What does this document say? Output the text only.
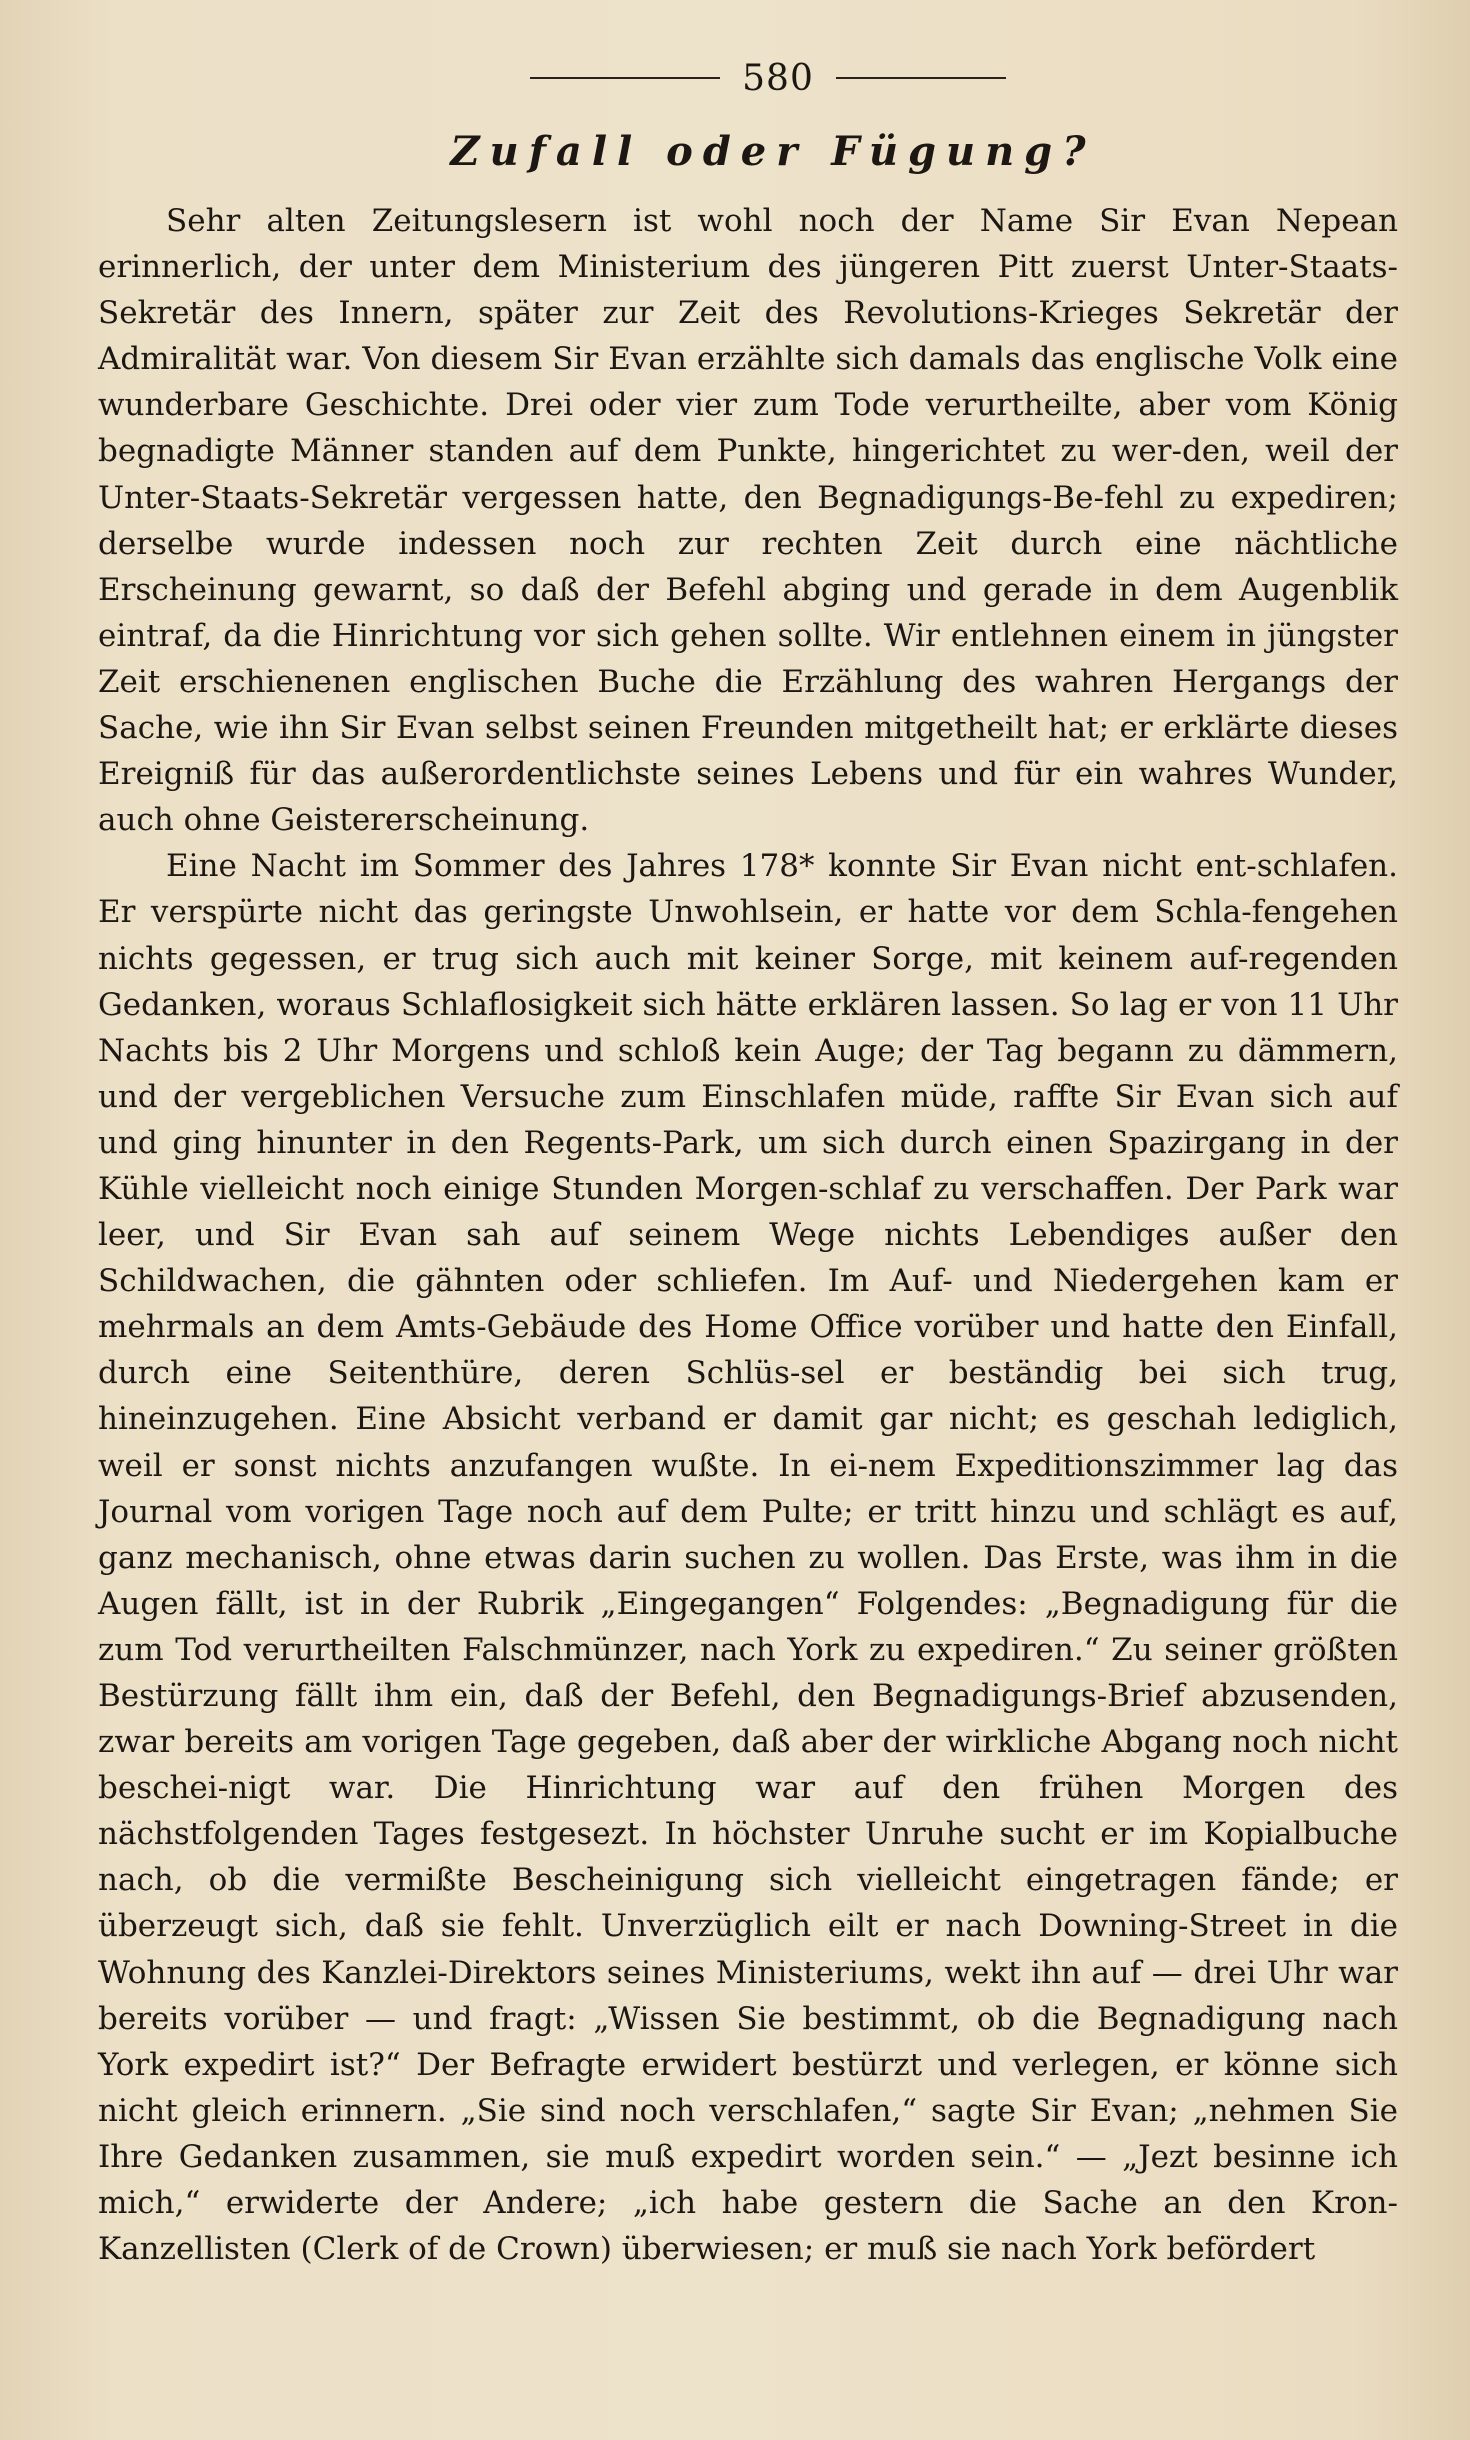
580
Zufall oder Fügung?

Sehr alten Zeitungslesern ist wohl noch der Name Sir Evan Nepean erinnerlich, der unter dem Ministerium des jüngeren Pitt zuerst Unter-Staats-Sekretär des Innern, später zur Zeit des Revolutions-Krieges Sekretär der Admiralität war. Von diesem Sir Evan erzählte sich damals das englische Volk eine wunderbare Geschichte. Drei oder vier zum Tode verurtheilte, aber vom König begnadigte Männer standen auf dem Punkte, hingerichtet zu wer-den, weil der Unter-Staats-Sekretär vergessen hatte, den Begnadigungs-Be-fehl zu expediren; derselbe wurde indessen noch zur rechten Zeit durch eine nächtliche Erscheinung gewarnt, so daß der Befehl abging und gerade in dem Augenblik eintraf, da die Hinrichtung vor sich gehen sollte. Wir entlehnen einem in jüngster Zeit erschienenen englischen Buche die Erzählung des wahren Hergangs der Sache, wie ihn Sir Evan selbst seinen Freunden mitgetheilt hat; er erklärte dieses Ereigniß für das außerordentlichste seines Lebens und für ein wahres Wunder, auch ohne Geistererscheinung.

Eine Nacht im Sommer des Jahres 178* konnte Sir Evan nicht ent-schlafen. Er verspürte nicht das geringste Unwohlsein, er hatte vor dem Schla-fengehen nichts gegessen, er trug sich auch mit keiner Sorge, mit keinem auf-regenden Gedanken, woraus Schlaflosigkeit sich hätte erklären lassen. So lag er von 11 Uhr Nachts bis 2 Uhr Morgens und schloß kein Auge; der Tag begann zu dämmern, und der vergeblichen Versuche zum Einschlafen müde, raffte Sir Evan sich auf und ging hinunter in den Regents-Park, um sich durch einen Spazirgang in der Kühle vielleicht noch einige Stunden Morgen-schlaf zu verschaffen. Der Park war leer, und Sir Evan sah auf seinem Wege nichts Lebendiges außer den Schildwachen, die gähnten oder schliefen. Im Auf- und Niedergehen kam er mehrmals an dem Amts-Gebäude des Home Office vorüber und hatte den Einfall, durch eine Seitenthüre, deren Schlüs-sel er beständig bei sich trug, hineinzugehen. Eine Absicht verband er damit gar nicht; es geschah lediglich, weil er sonst nichts anzufangen wußte. In ei-nem Expeditionszimmer lag das Journal vom vorigen Tage noch auf dem Pulte; er tritt hinzu und schlägt es auf, ganz mechanisch, ohne etwas darin suchen zu wollen. Das Erste, was ihm in die Augen fällt, ist in der Rubrik „Eingegangen“ Folgendes: „Begnadigung für die zum Tod verurtheilten Falschmünzer, nach York zu expediren.“ Zu seiner größten Bestürzung fällt ihm ein, daß der Befehl, den Begnadigungs-Brief abzusenden, zwar bereits am vorigen Tage gegeben, daß aber der wirkliche Abgang noch nicht beschei-nigt war. Die Hinrichtung war auf den frühen Morgen des nächstfolgenden Tages festgesezt. In höchster Unruhe sucht er im Kopialbuche nach, ob die vermißte Bescheinigung sich vielleicht eingetragen fände; er überzeugt sich, daß sie fehlt. Unverzüglich eilt er nach Downing-Street in die Wohnung des Kanzlei-Direktors seines Ministeriums, wekt ihn auf — drei Uhr war bereits vorüber — und fragt: „Wissen Sie bestimmt, ob die Begnadigung nach York expedirt ist?“ Der Befragte erwidert bestürzt und verlegen, er könne sich nicht gleich erinnern. „Sie sind noch verschlafen,“ sagte Sir Evan; „nehmen Sie Ihre Gedanken zusammen, sie muß expedirt worden sein.“ — „Jezt besinne ich mich,“ erwiderte der Andere; „ich habe gestern die Sache an den Kron-Kanzellisten (Clerk of de Crown) überwiesen; er muß sie nach York befördert
